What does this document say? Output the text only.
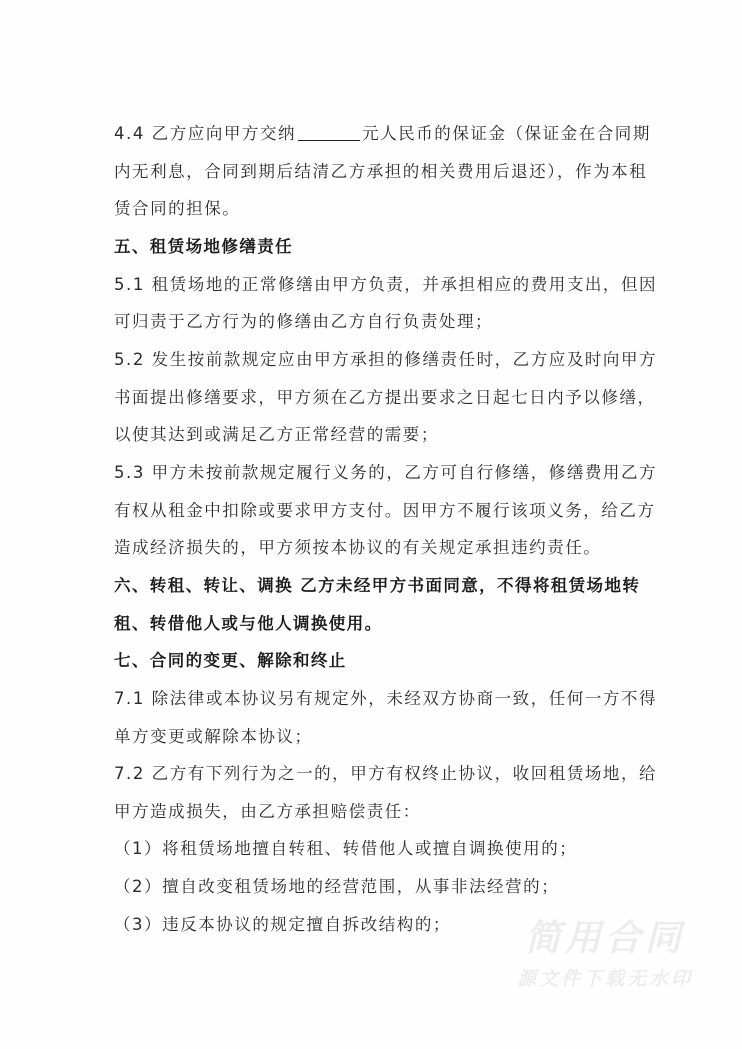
4.4 乙方应向甲方交纳	元人民币的保证金（保证金在合同期
内无利息，合同到期后结清乙方承担的相关费用后退还），作为本租
赁合同的担保。
五、租赁场地修缮责任
5.1 租赁场地的正常修缮由甲方负责，并承担相应的费用支出，但因
可归责于乙方行为的修缮由乙方自行负责处理；
5.2 发生按前款规定应由甲方承担的修缮责任时，乙方应及时向甲方
书面提出修缮要求，甲方须在乙方提出要求之日起七日内予以修缮，
以使其达到或满足乙方正常经营的需要；
5.3 甲方未按前款规定履行义务的，乙方可自行修缮，修缮费用乙方
有权从租金中扣除或要求甲方支付。因甲方不履行该项义务，给乙方
造成经济损失的，甲方须按本协议的有关规定承担违约责任。
六、转租、转让、调换 乙方未经甲方书面同意，不得将租赁场地转
租、转借他人或与他人调换使用。
七、合同的变更、解除和终止
7.1 除法律或本协议另有规定外，未经双方协商一致，任何一方不得
单方变更或解除本协议；
7.2 乙方有下列行为之一的，甲方有权终止协议，收回租赁场地，给
甲方造成损失，由乙方承担赔偿责任：
（1）将租赁场地擅自转租、转借他人或擅自调换使用的；
（2）擅自改变租赁场地的经营范围，从事非法经营的；
（3）违反本协议的规定擅自拆改结构的；	简用合同
源文件下载无水印
